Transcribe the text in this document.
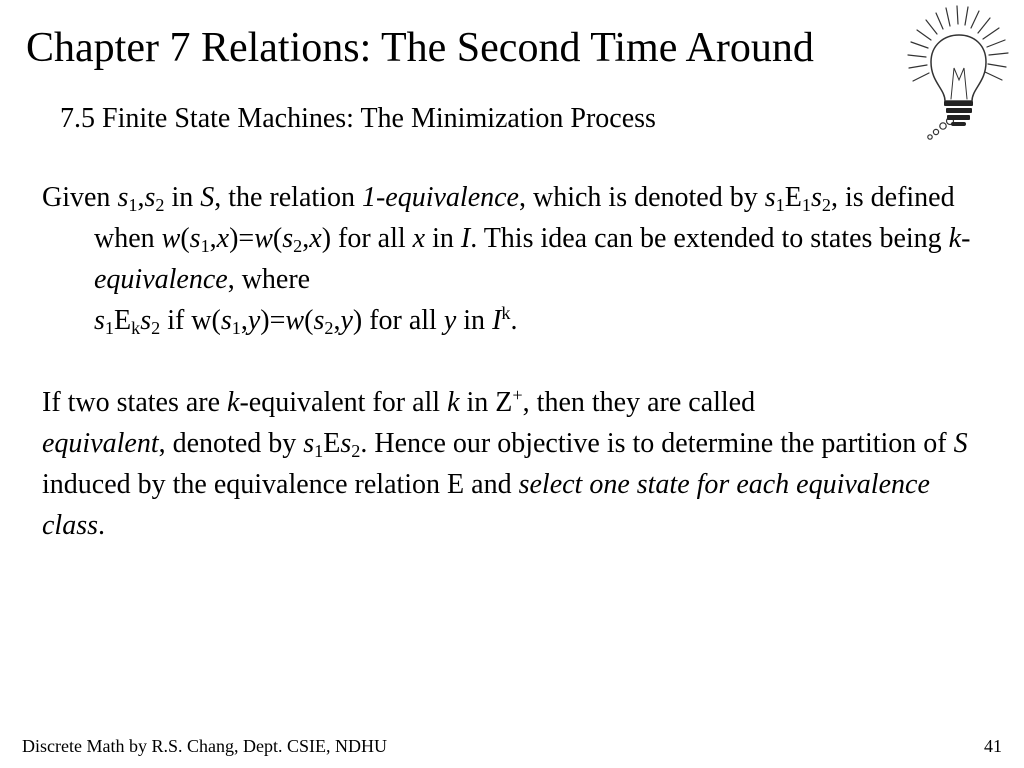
Chapter 7 Relations: The Second Time Around
7.5 Finite State Machines: The Minimization Process

Given $s_1,s_2$ in S, the relation 1-equivalence, which is denoted by $s_1E_1s_2$, is defined when $w(s_1,x)=w(s_2,x)$ for all x in I. This idea can be extended to states being k-equivalence, where
$s_1E_ks_2$ if $w(s_1,y)=w(s_2,y)$ for all y in $I^k$.

If two states are k-equivalent for all k in Z+, then they are called
equivalent, denoted by $s_1Es_2$. Hence our objective is to determine the partition of S induced by the equivalence relation E and select one state for each equivalence class.

Discrete Math by R.S. Chang, Dept. CSIE, NDHU	41
